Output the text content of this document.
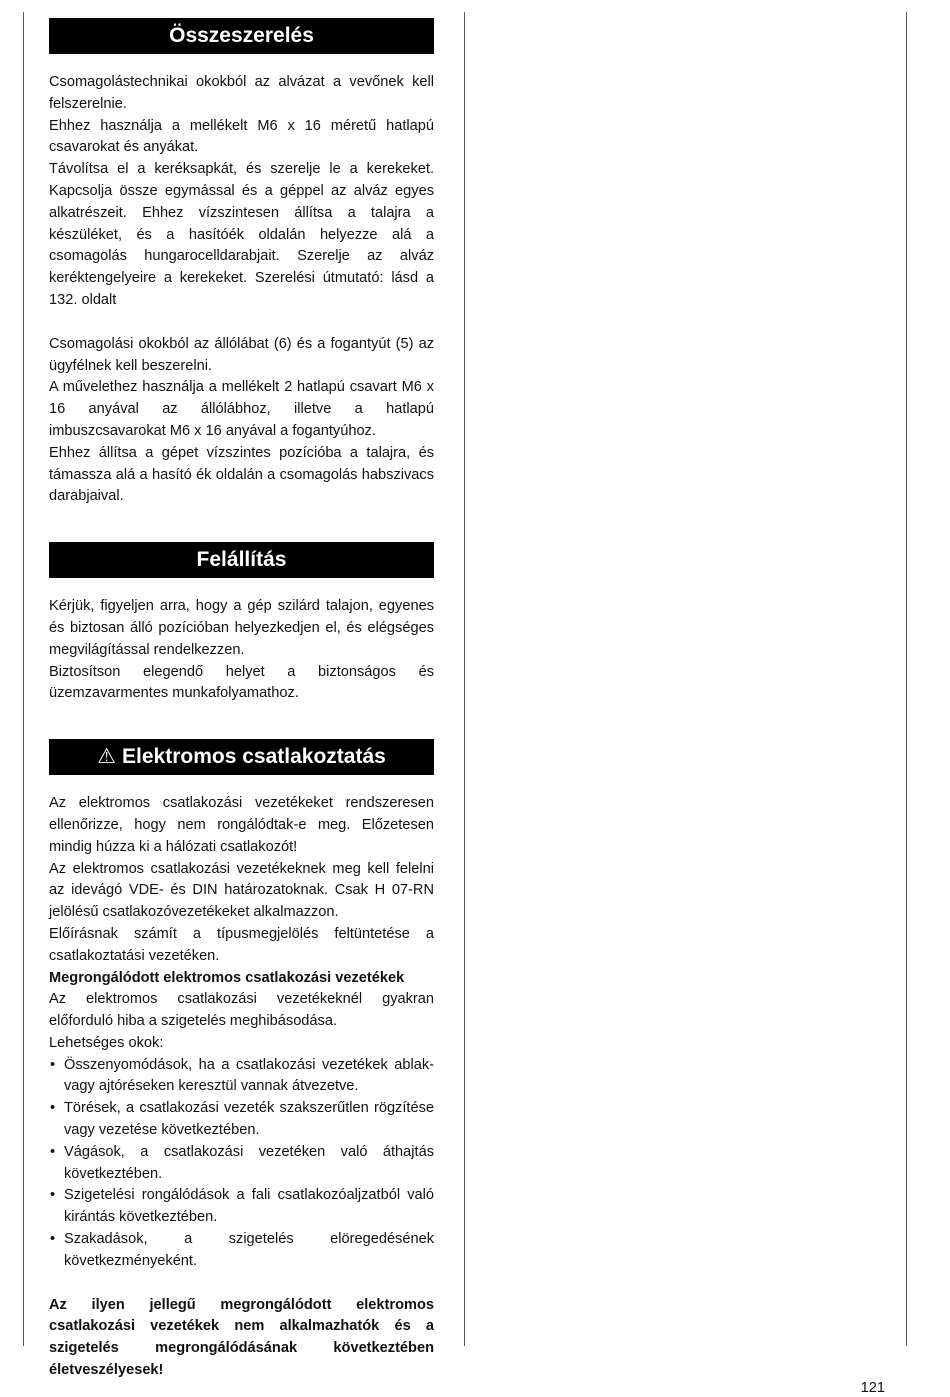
Összeszerelés

Csomagolástechnikai okokból az alvázat a vevőnek kell felszerelnie.

Ehhez használja a mellékelt M6 x 16 méretű hatlapú csavarokat és anyákat.

Távolítsa el a keréksapkát, és szerelje le a kerekeket. Kapcsolja össze egymással és a géppel az alváz egyes alkatrészeit. Ehhez vízszintesen állítsa a talajra a készüléket, és a hasítóék oldalán helyezze alá a csomagolás hungarocelldarabjait. Szerelje az alváz keréktengelyeire a kerekeket. Szerelési útmutató: lásd a 132. oldalt

Csomagolási okokból az állólábat (6) és a fogantyút (5) az ügyfélnek kell beszerelni.

A művelethez használja a mellékelt 2 hatlapú csavart M6 x 16 anyával az állólábhoz, illetve a hatlapú imbuszcsavarokat M6 x 16 anyával a fogantyúhoz.

Ehhez állítsa a gépet vízszintes pozícióba a talajra, és támassza alá a hasító ék oldalán a csomagolás habszivacs darabjaival.

Felállítás

Kérjük, figyeljen arra, hogy a gép szilárd talajon, egyenes és biztosan álló pozícióban helyezkedjen el, és elégséges megvilágítással rendelkezzen.

Biztosítson elegendő helyet a biztonságos és üzemzavarmentes munkafolyamathoz.

⚠ Elektromos csatlakoztatás

Az elektromos csatlakozási vezetékeket rendszeresen ellenőrizze, hogy nem rongálódtak-e meg. Előzetesen mindig húzza ki a hálózati csatlakozót!

Az elektromos csatlakozási vezetékeknek meg kell felelni az idevágó VDE- és DIN határozatoknak. Csak H 07-RN jelölésű csatlakozóvezetékeket alkalmazzon.

Előírásnak számít a típusmegjelölés feltüntetése a csatlakoztatási vezetéken.

Megrongálódott elektromos csatlakozási vezetékek

Az elektromos csatlakozási vezetékeknél gyakran előforduló hiba a szigetelés meghibásodása.

Lehetséges okok:

• Összenyomódások, ha a csatlakozási vezetékek ablak- vagy ajtóréseken keresztül vannak átvezetve.
• Törések, a csatlakozási vezeték szakszerűtlen rögzítése vagy vezetése következtében.
• Vágások, a csatlakozási vezetéken való áthajtás következtében.
• Szigetelési rongálódások a fali csatlakozóaljzatból való kirántás következtében.
• Szakadások, a szigetelés elöregedésének következményeként.

Az ilyen jellegű megrongálódott elektromos csatlakozási vezetékek nem alkalmazhatók és a szigetelés megrongálódásának következtében életveszélyesek!

121
